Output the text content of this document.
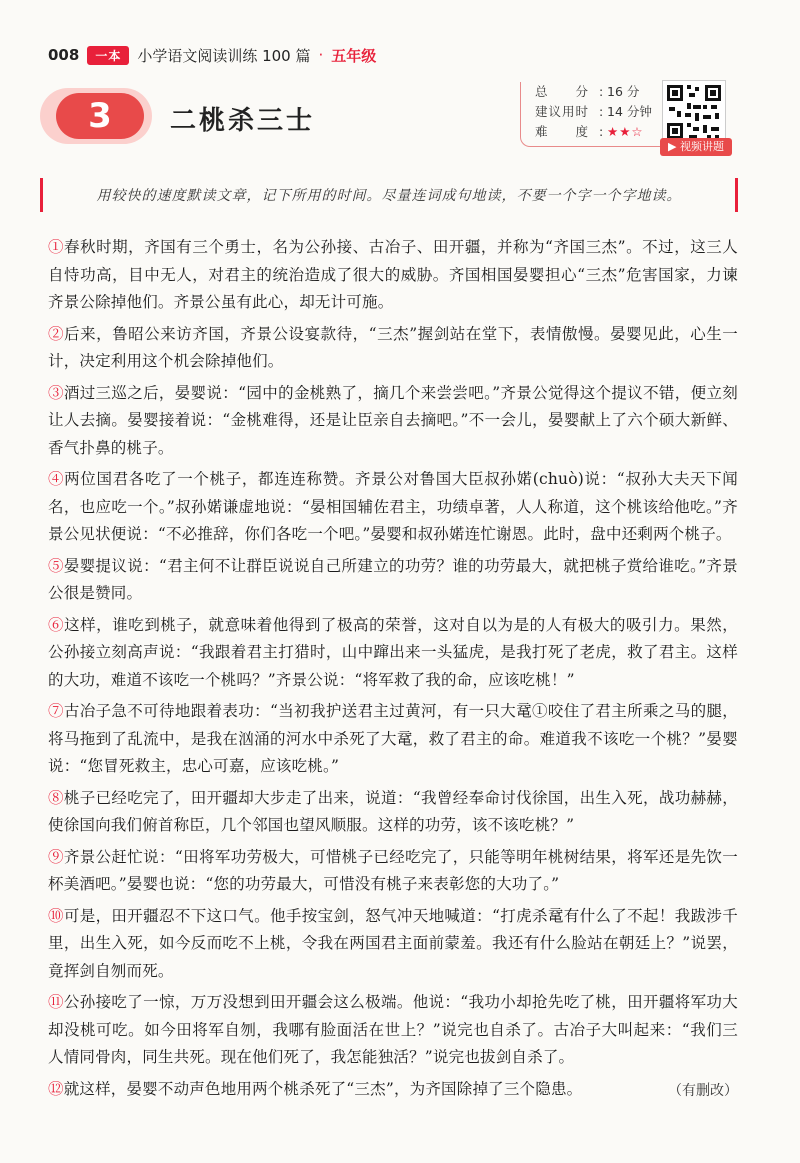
008	一本	小学语文阅读训练 100 篇 · 五年级
3 二桃杀三士
总　　分 : 16 分
建议用时 : 14 分钟
难　　度 : ★★☆
▶ 视频讲题
用较快的速度默读文章，记下所用的时间。尽量连词成句地读，不要一个字一个字地读。

①春秋时期，齐国有三个勇士，名为公孙接、古冶子、田开疆，并称为“齐国三杰”。不过，这三人自恃功高，目中无人，对君主的统治造成了很大的威胁。齐国相国晏婴担心“三杰”危害国家，力谏齐景公除掉他们。齐景公虽有此心，却无计可施。

②后来，鲁昭公来访齐国，齐景公设宴款待，“三杰”握剑站在堂下，表情傲慢。晏婴见此，心生一计，决定利用这个机会除掉他们。

③酒过三巡之后，晏婴说：“园中的金桃熟了，摘几个来尝尝吧。”齐景公觉得这个提议不错，便立刻让人去摘。晏婴接着说：“金桃难得，还是让臣亲自去摘吧。”不一会儿，晏婴献上了六个硕大新鲜、香气扑鼻的桃子。

④两位国君各吃了一个桃子，都连连称赞。齐景公对鲁国大臣叔孙婼(chuò)说：“叔孙大夫天下闻名，也应吃一个。”叔孙婼谦虚地说：“晏相国辅佐君主，功绩卓著，人人称道，这个桃该给他吃。”齐景公见状便说：“不必推辞，你们各吃一个吧。”晏婴和叔孙婼连忙谢恩。此时，盘中还剩两个桃子。

⑤晏婴提议说：“君主何不让群臣说说自己所建立的功劳？谁的功劳最大，就把桃子赏给谁吃。”齐景公很是赞同。

⑥这样，谁吃到桃子，就意味着他得到了极高的荣誉，这对自以为是的人有极大的吸引力。果然，公孙接立刻高声说：“我跟着君主打猎时，山中蹿出来一头猛虎，是我打死了老虎，救了君主。这样的大功，难道不该吃一个桃吗？”齐景公说：“将军救了我的命，应该吃桃！”

⑦古冶子急不可待地跟着表功：“当初我护送君主过黄河，有一只大鼋①咬住了君主所乘之马的腿，将马拖到了乱流中，是我在汹涌的河水中杀死了大鼋，救了君主的命。难道我不该吃一个桃？”晏婴说：“您冒死救主，忠心可嘉，应该吃桃。”

⑧桃子已经吃完了，田开疆却大步走了出来，说道：“我曾经奉命讨伐徐国，出生入死，战功赫赫，使徐国向我们俯首称臣，几个邻国也望风顺服。这样的功劳，该不该吃桃？”

⑨齐景公赶忙说：“田将军功劳极大，可惜桃子已经吃完了，只能等明年桃树结果，将军还是先饮一杯美酒吧。”晏婴也说：“您的功劳最大，可惜没有桃子来表彰您的大功了。”

⑩可是，田开疆忍不下这口气。他手按宝剑，怒气冲天地喊道：“打虎杀鼋有什么了不起！我跋涉千里，出生入死，如今反而吃不上桃，令我在两国君主面前蒙羞。我还有什么脸站在朝廷上？”说罢，竟挥剑自刎而死。

⑪公孙接吃了一惊，万万没想到田开疆会这么极端。他说：“我功小却抢先吃了桃，田开疆将军功大却没桃可吃。如今田将军自刎，我哪有脸面活在世上？”说完也自杀了。古冶子大叫起来：“我们三人情同骨肉，同生共死。现在他们死了，我怎能独活？”说完也拔剑自杀了。

⑫就这样，晏婴不动声色地用两个桃杀死了“三杰”，为齐国除掉了三个隐患。	（有删改）
